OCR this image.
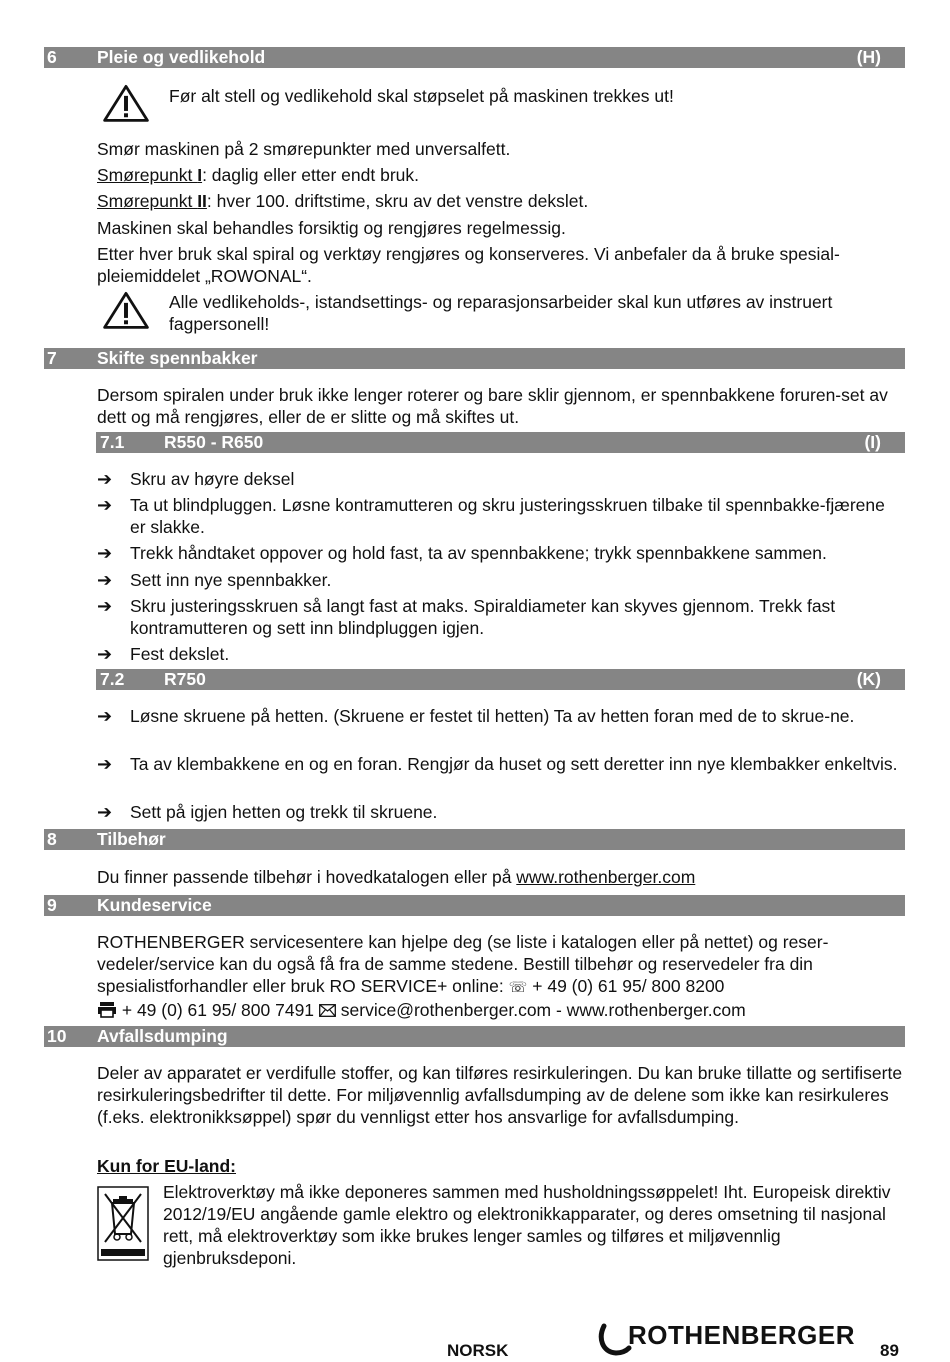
6 Pleie og vedlikehold	(H)
Før alt stell og vedlikehold skal støpselet på maskinen trekkes ut!
Smør maskinen på 2 smørepunkter med unversalfett.
Smørepunkt I: daglig eller etter endt bruk.
Smørepunkt II: hver 100. driftstime, skru av det venstre dekslet.
Maskinen skal behandles forsiktig og rengjøres regelmessig.
Etter hver bruk skal spiral og verktøy rengjøres og konserveres. Vi anbefaler da å bruke spesial-pleiemiddelet „ROWONAL“.
Alle vedlikeholds-, istandsettings- og reparasjonsarbeider skal kun utføres av instruert fagpersonell!
7 Skifte spennbakker
Dersom spiralen under bruk ikke lenger roterer og bare sklir gjennom, er spennbakkene foruren-set av dett og må rengjøres, eller de er slitte og må skiftes ut.
7.1 R550 - R650	(I)
➔ Skru av høyre deksel
➔ Ta ut blindpluggen. Løsne kontramutteren og skru justeringsskruen tilbake til spennbakke-fjærene er slakke.
➔ Trekk håndtaket oppover og hold fast, ta av spennbakkene; trykk spennbakkene sammen.
➔ Sett inn nye spennbakker.
➔ Skru justeringsskruen så langt fast at maks. Spiraldiameter kan skyves gjennom. Trekk fast kontramutteren og sett inn blindpluggen igjen.
➔ Fest dekslet.
7.2 R750	(K)
➔ Løsne skruene på hetten. (Skruene er festet til hetten) Ta av hetten foran med de to skrue-ne.
➔ Ta av klembakkene en og en foran. Rengjør da huset og sett deretter inn nye klembakker enkeltvis.
➔ Sett på igjen hetten og trekk til skruene.
8 Tilbehør
Du finner passende tilbehør i hovedkatalogen eller på www.rothenberger.com
9 Kundeservice
ROTHENBERGER servicesentere kan hjelpe deg (se liste i katalogen eller på nettet) og reser-vedeler/service kan du også få fra de samme stedene. Bestill tilbehør og reservedeler fra din spesialistforhandler eller bruk RO SERVICE+ online: ☏ + 49 (0) 61 95/ 800 8200
+ 49 (0) 61 95/ 800 7491  service@rothenberger.com - www.rothenberger.com
10 Avfallsdumping
Deler av apparatet er verdifulle stoffer, og kan tilføres resirkuleringen. Du kan bruke tillatte og sertifiserte resirkuleringsbedrifter til dette. For miljøvennlig avfallsdumping av de delene som ikke kan resirkuleres (f.eks. elektronikksøppel) spør du vennligst etter hos ansvarlige for avfallsdumping.
Kun for EU-land:
Elektroverktøy må ikke deponeres sammen med husholdningssøppelet! Iht. Europeisk direktiv 2012/19/EU angående gamle elektro og elektronikkapparater, og deres omsetning til nasjonal rett, må elektroverktøy som ikke brukes lenger samles og tilføres et miljøvennlig gjenbruksdeponi.
NORSK
ROTHENBERGER
89
